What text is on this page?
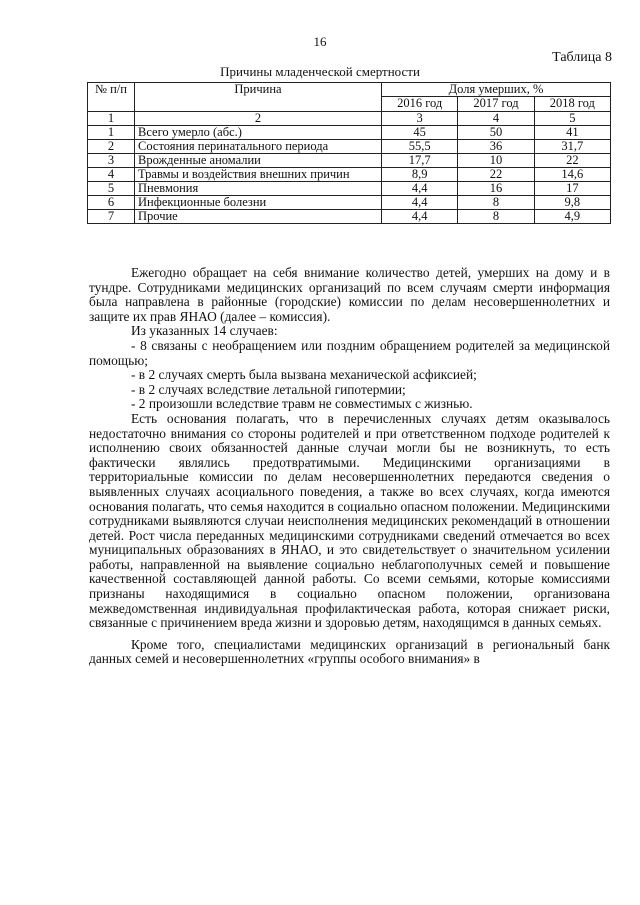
16
Таблица 8
Причины младенческой смертности
№ п/п	Причина	Доля умерших, %		
		2016 год	2017 год	2018 год
1	2	3	4	5
1	Всего умерло (абс.)	45	50	41
2	Состояния перинатального периода	55,5	36	31,7
3	Врожденные аномалии	17,7	10	22
4	Травмы и воздействия внешних причин	8,9	22	14,6
5	Пневмония	4,4	16	17
6	Инфекционные болезни	4,4	8	9,8
7	Прочие	4,4	8	4,9

Ежегодно обращает на себя внимание количество детей, умерших на дому и в тундре. Сотрудниками медицинских организаций по всем случаям смерти информация была направлена в районные (городские) комиссии по делам несовершеннолетних и защите их прав ЯНАО (далее – комиссия).

Из указанных 14 случаев:

- 8 связаны с необращением или поздним обращением родителей за медицинской помощью;

- в 2 случаях смерть была вызвана механической асфиксией;

- в 2 случаях вследствие летальной гипотермии;

- 2 произошли вследствие травм не совместимых с жизнью.

Есть основания полагать, что в перечисленных случаях детям оказывалось недостаточно внимания со стороны родителей и при ответственном подходе родителей к исполнению своих обязанностей данные случаи могли бы не возникнуть, то есть фактически являлись предотвратимыми. Медицинскими организациями в территориальные комиссии по делам несовершеннолетних передаются сведения о выявленных случаях асоциального поведения, а также во всех случаях, когда имеются основания полагать, что семья находится в социально опасном положении. Медицинскими сотрудниками выявляются случаи неисполнения медицинских рекомендаций в отношении детей. Рост числа переданных медицинскими сотрудниками сведений отмечается во всех муниципальных образованиях в ЯНАО, и это свидетельствует о значительном усилении работы, направленной на выявление социально неблагополучных семей и повышение качественной составляющей данной работы. Со всеми семьями, которые комиссиями признаны находящимися в социально опасном положении, организована межведомственная индивидуальная профилактическая работа, которая снижает риски, связанные с причинением вреда жизни и здоровью детям, находящимся в данных семьях.

Кроме того, специалистами медицинских организаций в региональный банк данных семей и несовершеннолетних «группы особого внимания» в
